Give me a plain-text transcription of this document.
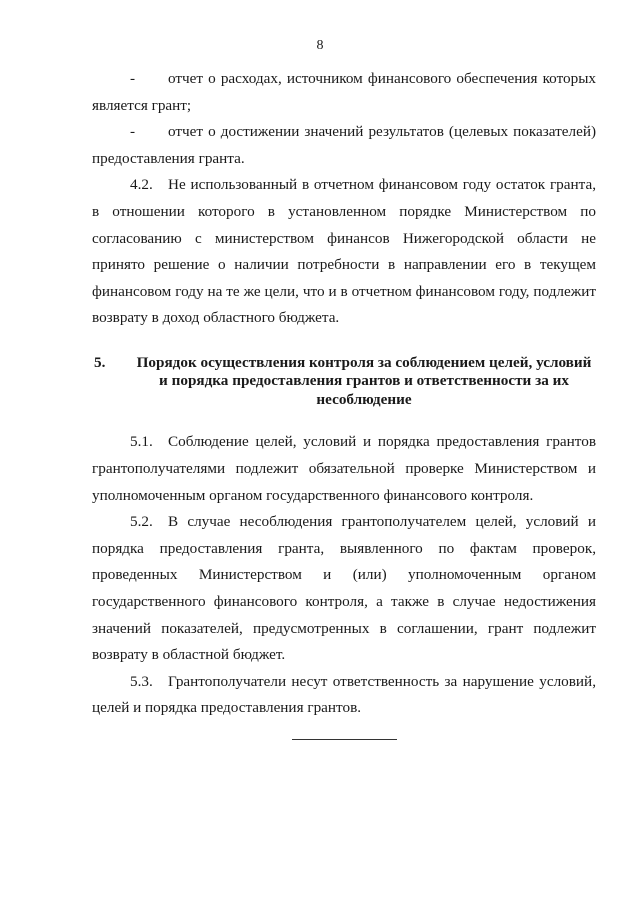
8

- отчет о расходах, источником финансового обеспечения которых является грант;

- отчет о достижении значений результатов (целевых показателей) предоставления гранта.

4.2. Не использованный в отчетном финансовом году остаток гранта, в отношении которого в установленном порядке Министерством по согласованию с министерством финансов Нижегородской области не принято решение о наличии потребности в направлении его в текущем финансовом году на те же цели, что и в отчетном финансовом году, подлежит возврату в доход областного бюджета.

5.	Порядок осуществления контроля за соблюдением целей, условий
и порядка предоставления грантов и ответственности за их
несоблюдение

5.1. Соблюдение целей, условий и порядка предоставления грантов грантополучателями подлежит обязательной проверке Министерством и уполномоченным органом государственного финансового контроля.

5.2. В случае несоблюдения грантополучателем целей, условий и порядка предоставления гранта, выявленного по фактам проверок, проведенных Министерством и (или) уполномоченным органом государственного финансового контроля, а также в случае недостижения значений показателей, предусмотренных в соглашении, грант подлежит возврату в областной бюджет.

5.3. Грантополучатели несут ответственность за нарушение условий, целей и порядка предоставления грантов.
